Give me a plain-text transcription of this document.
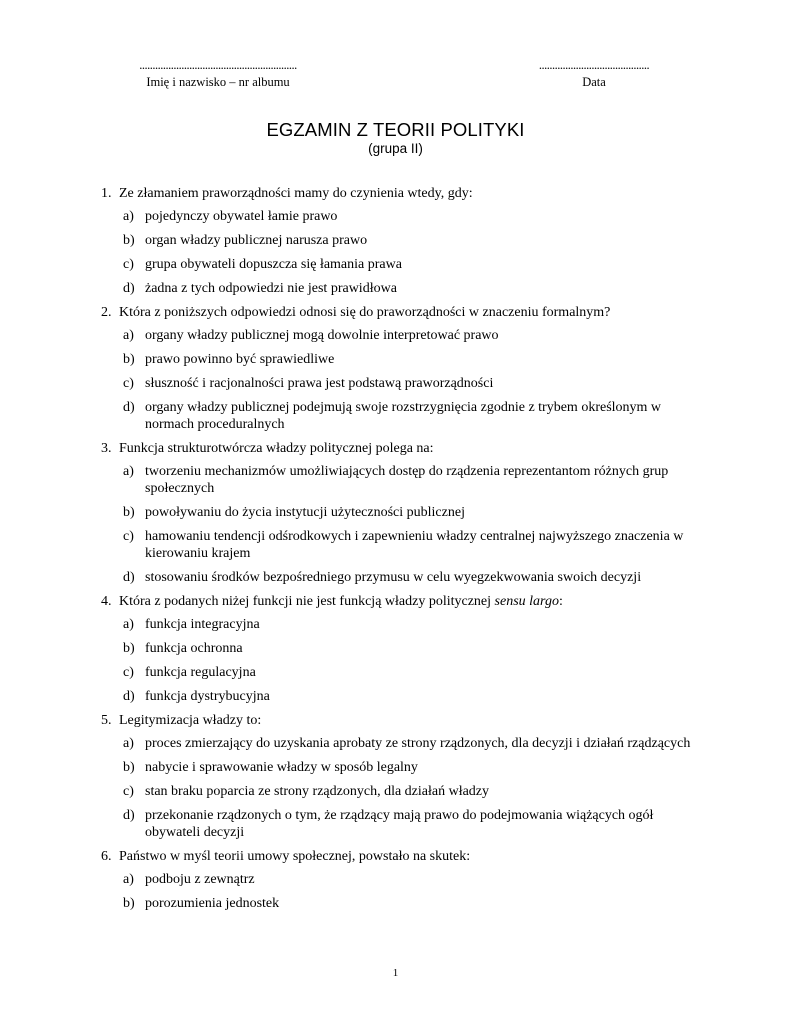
............................................................
Imię i nazwisko – nr albumu
..........................................
Data
EGZAMIN Z TEORII POLITYKI
(grupa II)
1. Ze złamaniem praworządności mamy do czynienia wtedy, gdy:
a) pojedynczy obywatel łamie prawo
b) organ władzy publicznej narusza prawo
c) grupa obywateli dopuszcza się łamania prawa
d) żadna z tych odpowiedzi nie jest prawidłowa
2. Która z poniższych odpowiedzi odnosi się do praworządności w znaczeniu formalnym?
a) organy władzy publicznej mogą dowolnie interpretować prawo
b) prawo powinno być sprawiedliwe
c) słuszność i racjonalności prawa jest podstawą praworządności
d) organy władzy publicznej podejmują swoje rozstrzygnięcia zgodnie z trybem określonym w normach proceduralnych
3. Funkcja strukturotwórcza władzy politycznej polega na:
a) tworzeniu mechanizmów umożliwiających dostęp do rządzenia reprezentantom różnych grup społecznych
b) powoływaniu do życia instytucji użyteczności publicznej
c) hamowaniu tendencji odśrodkowych i zapewnieniu władzy centralnej najwyższego znaczenia w kierowaniu krajem
d) stosowaniu środków bezpośredniego przymusu w celu wyegzekwowania swoich decyzji
4. Która z podanych niżej funkcji nie jest funkcją władzy politycznej sensu largo:
a) funkcja integracyjna
b) funkcja ochronna
c) funkcja regulacyjna
d) funkcja dystrybucyjna
5. Legitymizacja władzy to:
a) proces zmierzający do uzyskania aprobaty ze strony rządzonych, dla decyzji i działań rządzących
b) nabycie i sprawowanie władzy w sposób legalny
c) stan braku poparcia ze strony rządzonych, dla działań władzy
d) przekonanie rządzonych o tym, że rządzący mają prawo do podejmowania wiążących ogół obywateli decyzji
6. Państwo w myśl teorii umowy społecznej, powstało na skutek:
a) podboju z zewnątrz
b) porozumienia jednostek
1
